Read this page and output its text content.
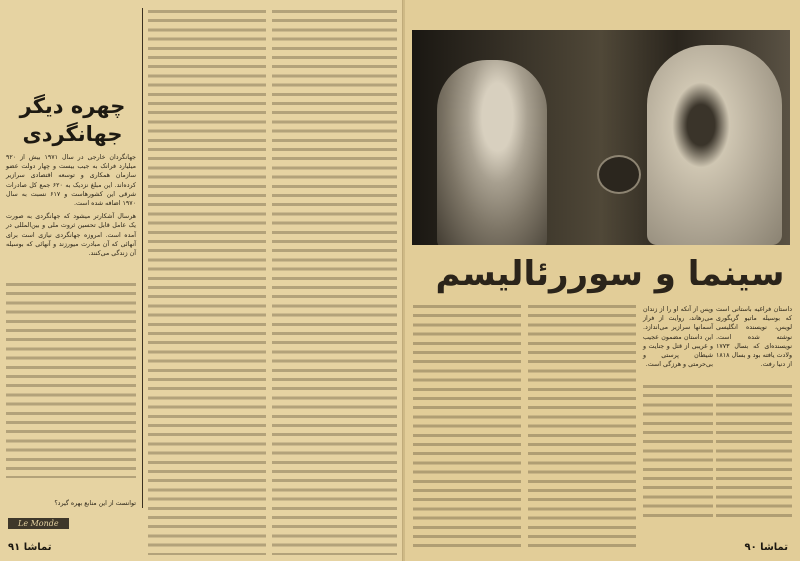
چهره دیگر جهانگردی
جهانگردان خارجی در سال ۱۹۷۱ بیش از ۹۲۰ میلیارد فرانک به جیب بیست و چهار دولت عضو سازمان همکاری و توسعه اقتصادی سرازیر کرده‌اند. این مبلغ نزدیک به ۶۲۰ جمع کل صادرات شرقی این کشورهاست و ۶۱۷ نسبت به سال ۱۹۷۰ اضافه شده است.
هرسال آشکارتر میشود که جهانگردی به صورت یک عامل قابل تحسین ثروت ملی و بین‌المللی در آمده است. امروزه جهانگردی نیازی است برای آنهائی که آن مبادرت میورزند و آنهائی که بوسیله آن زندگی می‌کنند.
توانست از این منابع بهره گیرد؟
Le Monde
تماشا ۹۱
سینما و سوررئالیسم
وپس از آنکه او را از زندان می‌رهاند، روایت از فراز آسمانها سرازیر می‌اندازد. این داستان مضمون عجیب و غریبی از قتل و جنایت و شیطان پرستی و بی‌حرمتی و هرزگی است.
داستان فراغیه باستانی است که بوسیله ماتیو گریگوری لویس، نویسنده انگلیسی نوشته شده است. نویسنده‌ای که بسال ۱۷۷۳ ولادت یافته بود و بسال ۱۸۱۸ از دنیا رفت.
تماشا ۹۰
